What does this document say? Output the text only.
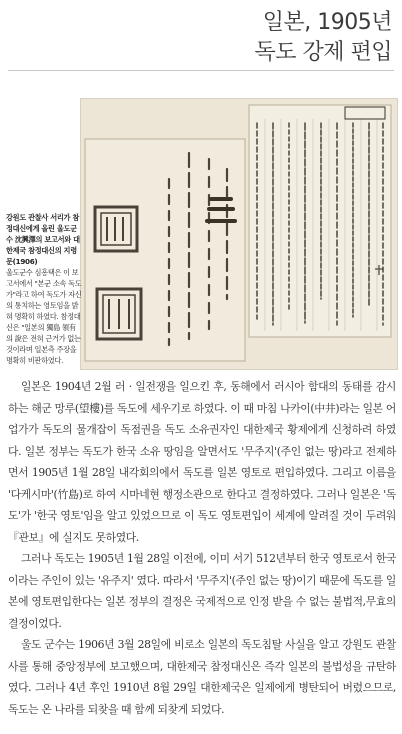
일본, 1905년
독도 강제 편입
강원도 관찰사 서리가 참정대신에게 올린 울도군수 沈興澤의 보고서와 대한제국 참정대신의 지령문(1906)
울도군수 심흥택은 이 보고서에서 "본군 소속 독도가"라고 하여 독도가 자신의 통치하는 영토임을 밝혀 명확히 하였다. 참정대신은 "일본의 獨島 領有의 說은 전혀 근거가 없는 것이라며 일본측 주장을 명확히 비판하였다.

일본은 1904년 2월 러 · 일전쟁을 일으킨 후, 동해에서 러시아 함대의 동태를 감시하는 해군 망루(望樓)를 독도에 세우기로 하였다. 이 때 마침 나카이(中井)라는 일본 어업가가 독도의 물개잡이 독점권을 독도 소유권자인 대한제국 황제에게 신청하려 하였다. 일본 정부는 독도가 한국 소유 땅임을 알면서도 '무주지'(주인 없는 땅)라고 전제하면서 1905년 1월 28일 내각회의에서 독도를 일본 영토로 편입하였다. 그리고 이름을 '다케시마'(竹島)로 하여 시마네현 행정소관으로 한다고 결정하였다. 그러나 일본은 '독도'가 '한국 영토'임을 알고 있었으므로 이 독도 영토편입이 세계에 알려질 것이 두려워 『관보』에 실지도 못하였다.

그러나 독도는 1905년 1월 28일 이전에, 이미 서기 512년부터 한국 영토로서 한국이라는 주인이 있는 '유주지' 였다. 따라서 '무주지'(주인 없는 땅)이기 때문에 독도를 일본에 영토편입한다는 일본 정부의 결정은 국제적으로 인정 받을 수 없는 불법적,무효의 결정이었다.

울도 군수는 1906년 3월 28일에 비로소 일본의 독도침탈 사실을 알고 강원도 관찰사를 통해 중앙정부에 보고했으며, 대한제국 참정대신은 즉각 일본의 불법성을 규탄하였다. 그러나 4년 후인 1910년 8월 29일 대한제국은 일제에게 병탄되어 버렸으므로, 독도는 온 나라를 되찾을 때 함께 되찾게 되었다.
